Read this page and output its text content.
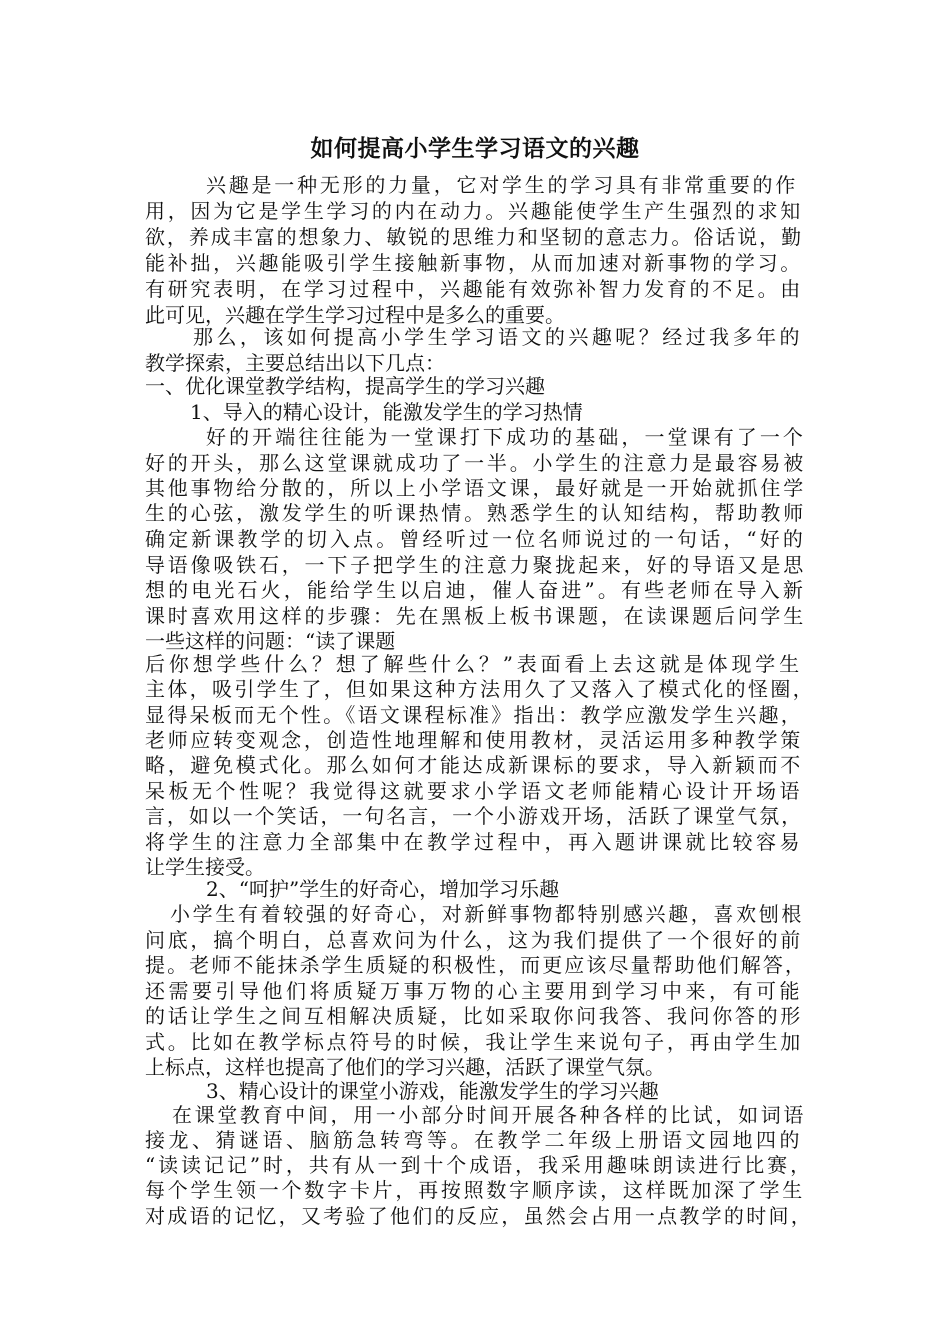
如何提高小学生学习语文的兴趣
兴趣是一种无形的力量，它对学生的学习具有非常重要的作
用，因为它是学生学习的内在动力。兴趣能使学生产生强烈的求知
欲，养成丰富的想象力、敏锐的思维力和坚韧的意志力。俗话说，勤
能补拙，兴趣能吸引学生接触新事物，从而加速对新事物的学习。
有研究表明，在学习过程中，兴趣能有效弥补智力发育的不足。由
此可见，兴趣在学生学习过程中是多么的重要。
那么，该如何提高小学生学习语文的兴趣呢？经过我多年的
教学探索，主要总结出以下几点：
一、优化课堂教学结构，提高学生的学习兴趣
1、导入的精心设计，能激发学生的学习热情
好的开端往往能为一堂课打下成功的基础，一堂课有了一个
好的开头，那么这堂课就成功了一半。小学生的注意力是最容易被
其他事物给分散的，所以上小学语文课，最好就是一开始就抓住学
生的心弦，激发学生的听课热情。熟悉学生的认知结构，帮助教师
确定新课教学的切入点。曾经听过一位名师说过的一句话，“好的
导语像吸铁石，一下子把学生的注意力聚拢起来，好的导语又是思
想的电光石火，能给学生以启迪，催人奋进”。有些老师在导入新
课时喜欢用这样的步骤：先在黑板上板书课题，在读课题后问学生
一些这样的问题：“读了课题
后你想学些什么？想了解些什么？”表面看上去这就是体现学生
主体，吸引学生了，但如果这种方法用久了又落入了模式化的怪圈，
显得呆板而无个性。《语文课程标准》指出：教学应激发学生兴趣，
老师应转变观念，创造性地理解和使用教材，灵活运用多种教学策
略，避免模式化。那么如何才能达成新课标的要求，导入新颖而不
呆板无个性呢？我觉得这就要求小学语文老师能精心设计开场语
言，如以一个笑话，一句名言，一个小游戏开场，活跃了课堂气氛，
将学生的注意力全部集中在教学过程中，再入题讲课就比较容易
让学生接受。
2、“呵护”学生的好奇心，增加学习乐趣
小学生有着较强的好奇心，对新鲜事物都特别感兴趣，喜欢刨根
问底，搞个明白，总喜欢问为什么，这为我们提供了一个很好的前
提。老师不能抹杀学生质疑的积极性，而更应该尽量帮助他们解答，
还需要引导他们将质疑万事万物的心主要用到学习中来，有可能
的话让学生之间互相解决质疑，比如采取你问我答、我问你答的形
式。比如在教学标点符号的时候，我让学生来说句子，再由学生加
上标点，这样也提高了他们的学习兴趣，活跃了课堂气氛。
3、精心设计的课堂小游戏，能激发学生的学习兴趣
在课堂教育中间，用一小部分时间开展各种各样的比试，如词语
接龙、猜谜语、脑筋急转弯等。在教学二年级上册语文园地四的
“读读记记”时，共有从一到十个成语，我采用趣味朗读进行比赛，
每个学生领一个数字卡片，再按照数字顺序读，这样既加深了学生
对成语的记忆，又考验了他们的反应，虽然会占用一点教学的时间，
